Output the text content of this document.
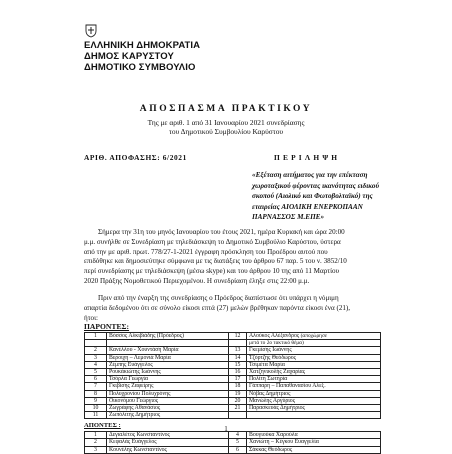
ΕΛΛΗΝΙΚΗ ΔΗΜΟΚΡΑΤΙΑ
ΔΗΜΟΣ ΚΑΡΥΣΤΟΥ
ΔΗΜΟΤΙΚΟ ΣΥΜΒΟΥΛΙΟ
ΑΠΟΣΠΑΣΜΑ ΠΡΑΚΤΙΚΟΥ
Της με αριθ. 1 από 31 Ιανουαρίου 2021 συνεδρίασης
του Δημοτικού Συμβουλίου Καρύστου
ΑΡΙΘ. ΑΠΟΦΑΣΗΣ: 6/2021	ΠΕΡΙΛΗΨΗ
«Εξέταση αιτήματος για την επέκταση
χωροταξικού φέροντας ικανότητας ειδικού
σκοπού (Αιολικό και Φωτοβολταϊκό) της
εταιρείας ΑΙΟΛΙΚΗ ΕΝΕΡΚΟΠΑΑΝ
ΠΑΡΝΑΣΣΟΣ Μ.ΕΠΕ»
Σήμερα την 31η του μηνός Ιανουαρίου του έτους 2021, ημέρα Κυριακή και ώρα 20:00
μ.μ. συνήλθε σε Συνεδρίαση με τηλεδιάσκεψη το Δημοτικό Συμβούλιο Καρύστου, ύστερα
από την με αριθ. πρωτ. 778/27-1-2021 έγγραφη πρόσκληση του Προέδρου αυτού που
επιδόθηκε και δημοσιεύτηκε σύμφωνα με τις διατάξεις του άρθρου 67 παρ. 5 του ν. 3852/10
περί συνεδρίασης με τηλεδιάσκεψη (μέσω skype) και του άρθρου 10 της από 11 Μαρτίου
2020 Πράξης Νομοθετικού Περιεχομένου. Η συνεδρίαση έληξε στις 22:00 μ.μ.
Πριν από την έναρξη της συνεδρίασης ο Πρόεδρος διαπίστωσε ότι υπάρχει η νόμιμη
απαρτία δεδομένου ότι σε σύνολο είκοσι επτά (27) μελών βρέθηκαν παρόντα είκοσι ένα (21),
ήτοι:
ΠΑΡΟΝΤΕΣ:
1	Βόσσος Αλκιβιάδης (Πρόεδρος)	12	Αλούκος Αλέξανδρος (αποχώρησε
			μετά το 2ο τακτικό θέμα)
2	Κανέλλου - Χουντάση Μαρία	13	Γκεμίσης Ιωάννης
3	Βεροιχη – Λεμονιά Μαρία	14	Τζόρτζης Θεόδωρος
4	Ζέμπης Ευάγγελος	15	Τσιμέτα Μαρία
5	Ρουκάκιώτης Ιωάννης	16	Χατζηνικολής Ζαχαρίας
6	Τσόρλα Γεωργία	17	Πολίτη Σωτηρία
7	Γκιβίσης Ζαφείρης	18	Γάππαρη – Παπαθανασίου Αλεξ.
8	Πολυχρονίου Πολυχρόνης	19	Νόβας Δημήτριος
9	Οικονόμου Γεώργιος	20	Μανώλης Αργύριος
10	Ζωγράφης Αθανάσιος	21	Παρασκευάς Δημήτριος
11	Ζωπόλιτης Δημήτριος		
1
ΑΠΟΝΤΕΣ :
1	Δεγιαλέτος Κωνσταντίνος	4	Βουγιούκα Χαρούλα
2	Κεφαλάς Ευάγγελος	5	Χανιώτη – Κέγκου Ευαγγελία
3	Κουνέλης Κωνσταντίνος	6	Σάκκας Θεόδωρος
